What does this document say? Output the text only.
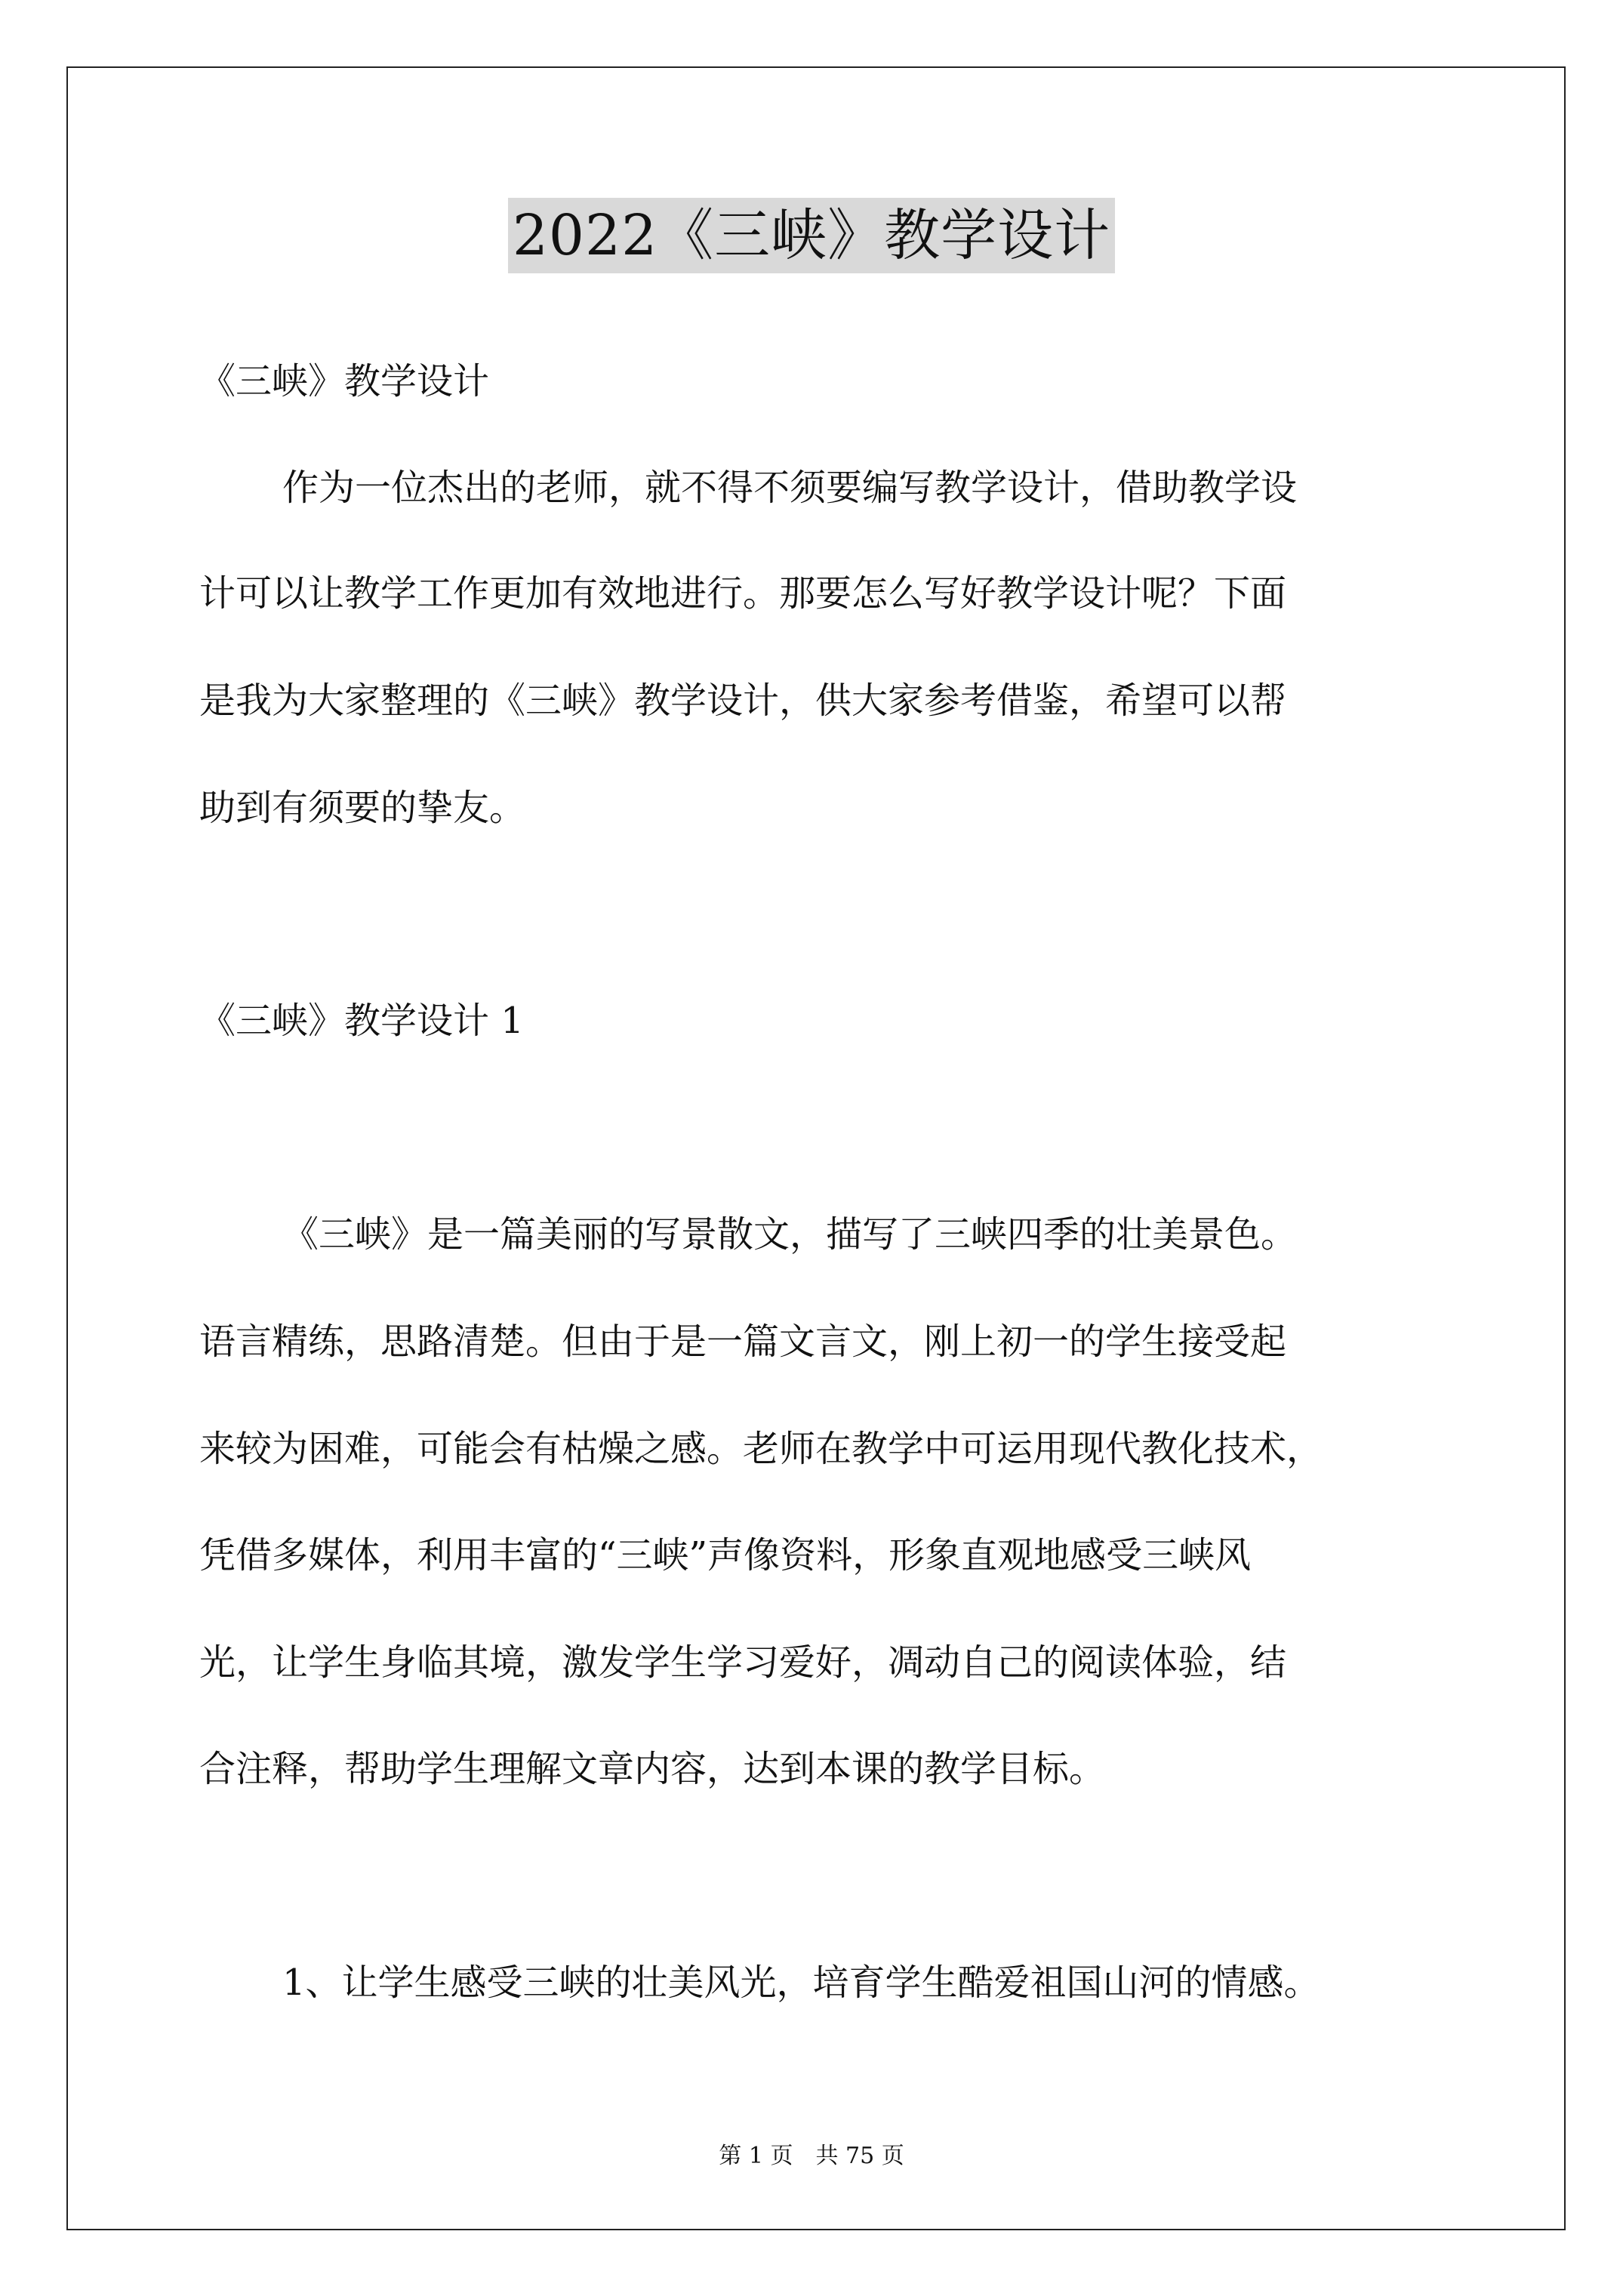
2022《三峡》教学设计
《三峡》教学设计
作为一位杰出的老师，就不得不须要编写教学设计，借助教学设
计可以让教学工作更加有效地进行。那要怎么写好教学设计呢？下面
是我为大家整理的《三峡》教学设计，供大家参考借鉴，希望可以帮
助到有须要的挚友。
《三峡》教学设计 1
《三峡》是一篇美丽的写景散文，描写了三峡四季的壮美景色。
语言精练，思路清楚。但由于是一篇文言文，刚上初一的学生接受起
来较为困难，可能会有枯燥之感。老师在教学中可运用现代教化技术，
凭借多媒体，利用丰富的“三峡”声像资料，形象直观地感受三峡风
光，让学生身临其境，激发学生学习爱好，凋动自己的阅读体验，结
合注释，帮助学生理解文章内容，达到本课的教学目标。
1、让学生感受三峡的壮美风光，培育学生酷爱祖国山河的情感。
第 1 页　共 75 页
